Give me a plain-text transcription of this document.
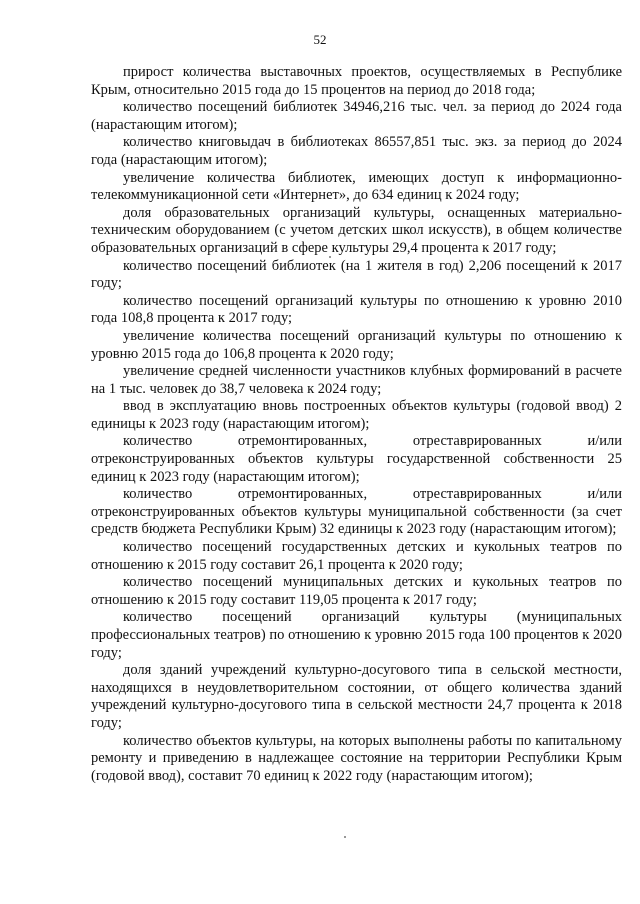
52

прирост количества выставочных проектов, осуществляемых в Республике Крым, относительно 2015 года до 15 процентов на период до 2018 года;

количество посещений библиотек 34946,216 тыс. чел. за период до 2024 года (нарастающим итогом);

количество книговыдач в библиотеках 86557,851 тыс. экз. за период до 2024 года (нарастающим итогом);

увеличение количества библиотек, имеющих доступ к информационно-телекоммуникационной сети «Интернет», до 634 единиц к 2024 году;

доля образовательных организаций культуры, оснащенных материально-техническим оборудованием (с учетом детских школ искусств), в общем количестве образовательных организаций в сфере культуры 29,4 процента к 2017 году;

количество посещений библиотек (на 1 жителя в год) 2,206 посещений к 2017 году;

количество посещений организаций культуры по отношению к уровню 2010 года 108,8 процента к 2017 году;

увеличение количества посещений организаций культуры по отношению к уровню 2015 года до 106,8 процента к 2020 году;

увеличение средней численности участников клубных формирований в расчете на 1 тыс. человек до 38,7 человека к 2024 году;

ввод в эксплуатацию вновь построенных объектов культуры (годовой ввод) 2 единицы к 2023 году (нарастающим итогом);

количество отремонтированных, отреставрированных и/или отреконструированных объектов культуры государственной собственности 25 единиц к 2023 году (нарастающим итогом);

количество отремонтированных, отреставрированных и/или отреконструированных объектов культуры муниципальной собственности (за счет средств бюджета Республики Крым) 32 единицы к 2023 году (нарастающим итогом);

количество посещений государственных детских и кукольных театров по отношению к 2015 году составит 26,1 процента к 2020 году;

количество посещений муниципальных детских и кукольных театров по отношению к 2015 году составит 119,05 процента к 2017 году;

количество посещений организаций культуры (муниципальных профессиональных театров) по отношению к уровню 2015 года 100 процентов к 2020 году;

доля зданий учреждений культурно-досугового типа в сельской местности, находящихся в неудовлетворительном состоянии, от общего количества зданий учреждений культурно-досугового типа в сельской местности 24,7 процента к 2018 году;

количество объектов культуры, на которых выполнены работы по капитальному ремонту и приведению в надлежащее состояние на территории Республики Крым (годовой ввод), составит 70 единиц к 2022 году (нарастающим итогом);
